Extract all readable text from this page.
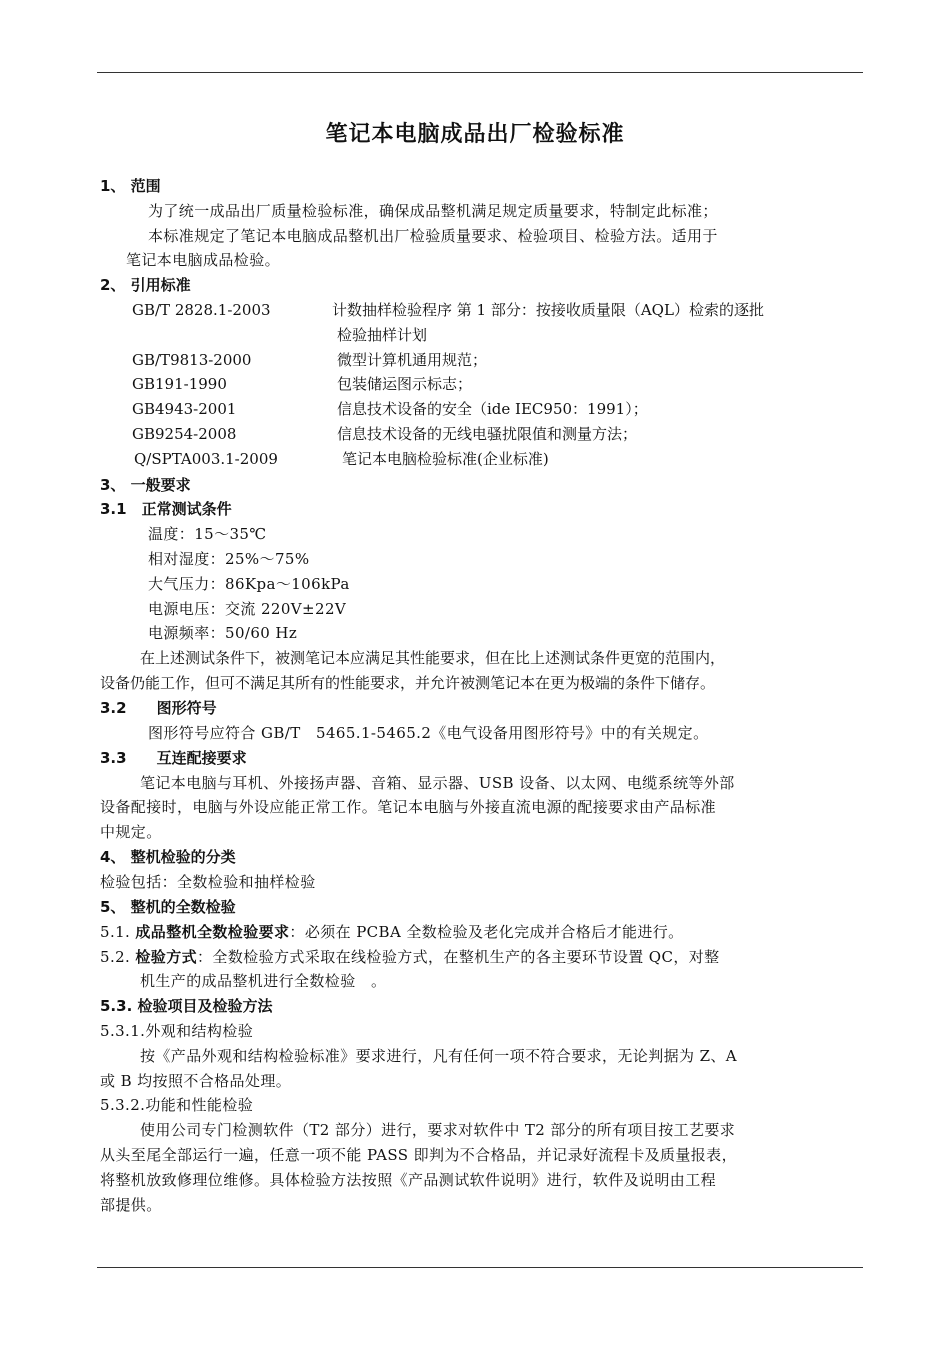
笔记本电脑成品出厂检验标准
1、 范围
为了统一成品出厂质量检验标准，确保成品整机满足规定质量要求，特制定此标准；
本标准规定了笔记本电脑成品整机出厂检验质量要求、检验项目、检验方法。适用于
笔记本电脑成品检验。
2、 引用标准
GB/T 2828.1-2003	计数抽样检验程序 第 1 部分：按接收质量限（AQL）检索的逐批
检验抽样计划
GB/T9813-2000	微型计算机通用规范；
GB191-1990	包装储运图示标志；
GB4943-2001	信息技术设备的安全（ide IEC950：1991）；
GB9254-2008	信息技术设备的无线电骚扰限值和测量方法；
Q/SPTA003.1-2009	笔记本电脑检验标准(企业标准)
3、 一般要求
3.1　正常测试条件
温度：15～35℃
相对湿度：25%～75%
大气压力：86Kpa～106kPa
电源电压：交流 220V±22V
电源频率：50/60 Hz
在上述测试条件下，被测笔记本应满足其性能要求，但在比上述测试条件更宽的范围内，
设备仍能工作，但可不满足其所有的性能要求，并允许被测笔记本在更为极端的条件下储存。
3.2　　图形符号
图形符号应符合 GB/T　5465.1-5465.2《电气设备用图形符号》中的有关规定。
3.3　　互连配接要求
笔记本电脑与耳机、外接扬声器、音箱、显示器、USB 设备、以太网、电缆系统等外部
设备配接时，电脑与外设应能正常工作。笔记本电脑与外接直流电源的配接要求由产品标准
中规定。
4、 整机检验的分类
检验包括：全数检验和抽样检验
5、 整机的全数检验
5.1. 成品整机全数检验要求：必须在 PCBA 全数检验及老化完成并合格后才能进行。
5.2. 检验方式：全数检验方式采取在线检验方式，在整机生产的各主要环节设置 QC，对整
机生产的成品整机进行全数检验　。
5.3. 检验项目及检验方法
5.3.1.外观和结构检验
按《产品外观和结构检验标准》要求进行，凡有任何一项不符合要求，无论判据为 Z、A
或 B 均按照不合格品处理。
5.3.2.功能和性能检验
使用公司专门检测软件（T2 部分）进行，要求对软件中 T2 部分的所有项目按工艺要求
从头至尾全部运行一遍，任意一项不能 PASS 即判为不合格品，并记录好流程卡及质量报表，
将整机放致修理位维修。具体检验方法按照《产品测试软件说明》进行，软件及说明由工程
部提供。
